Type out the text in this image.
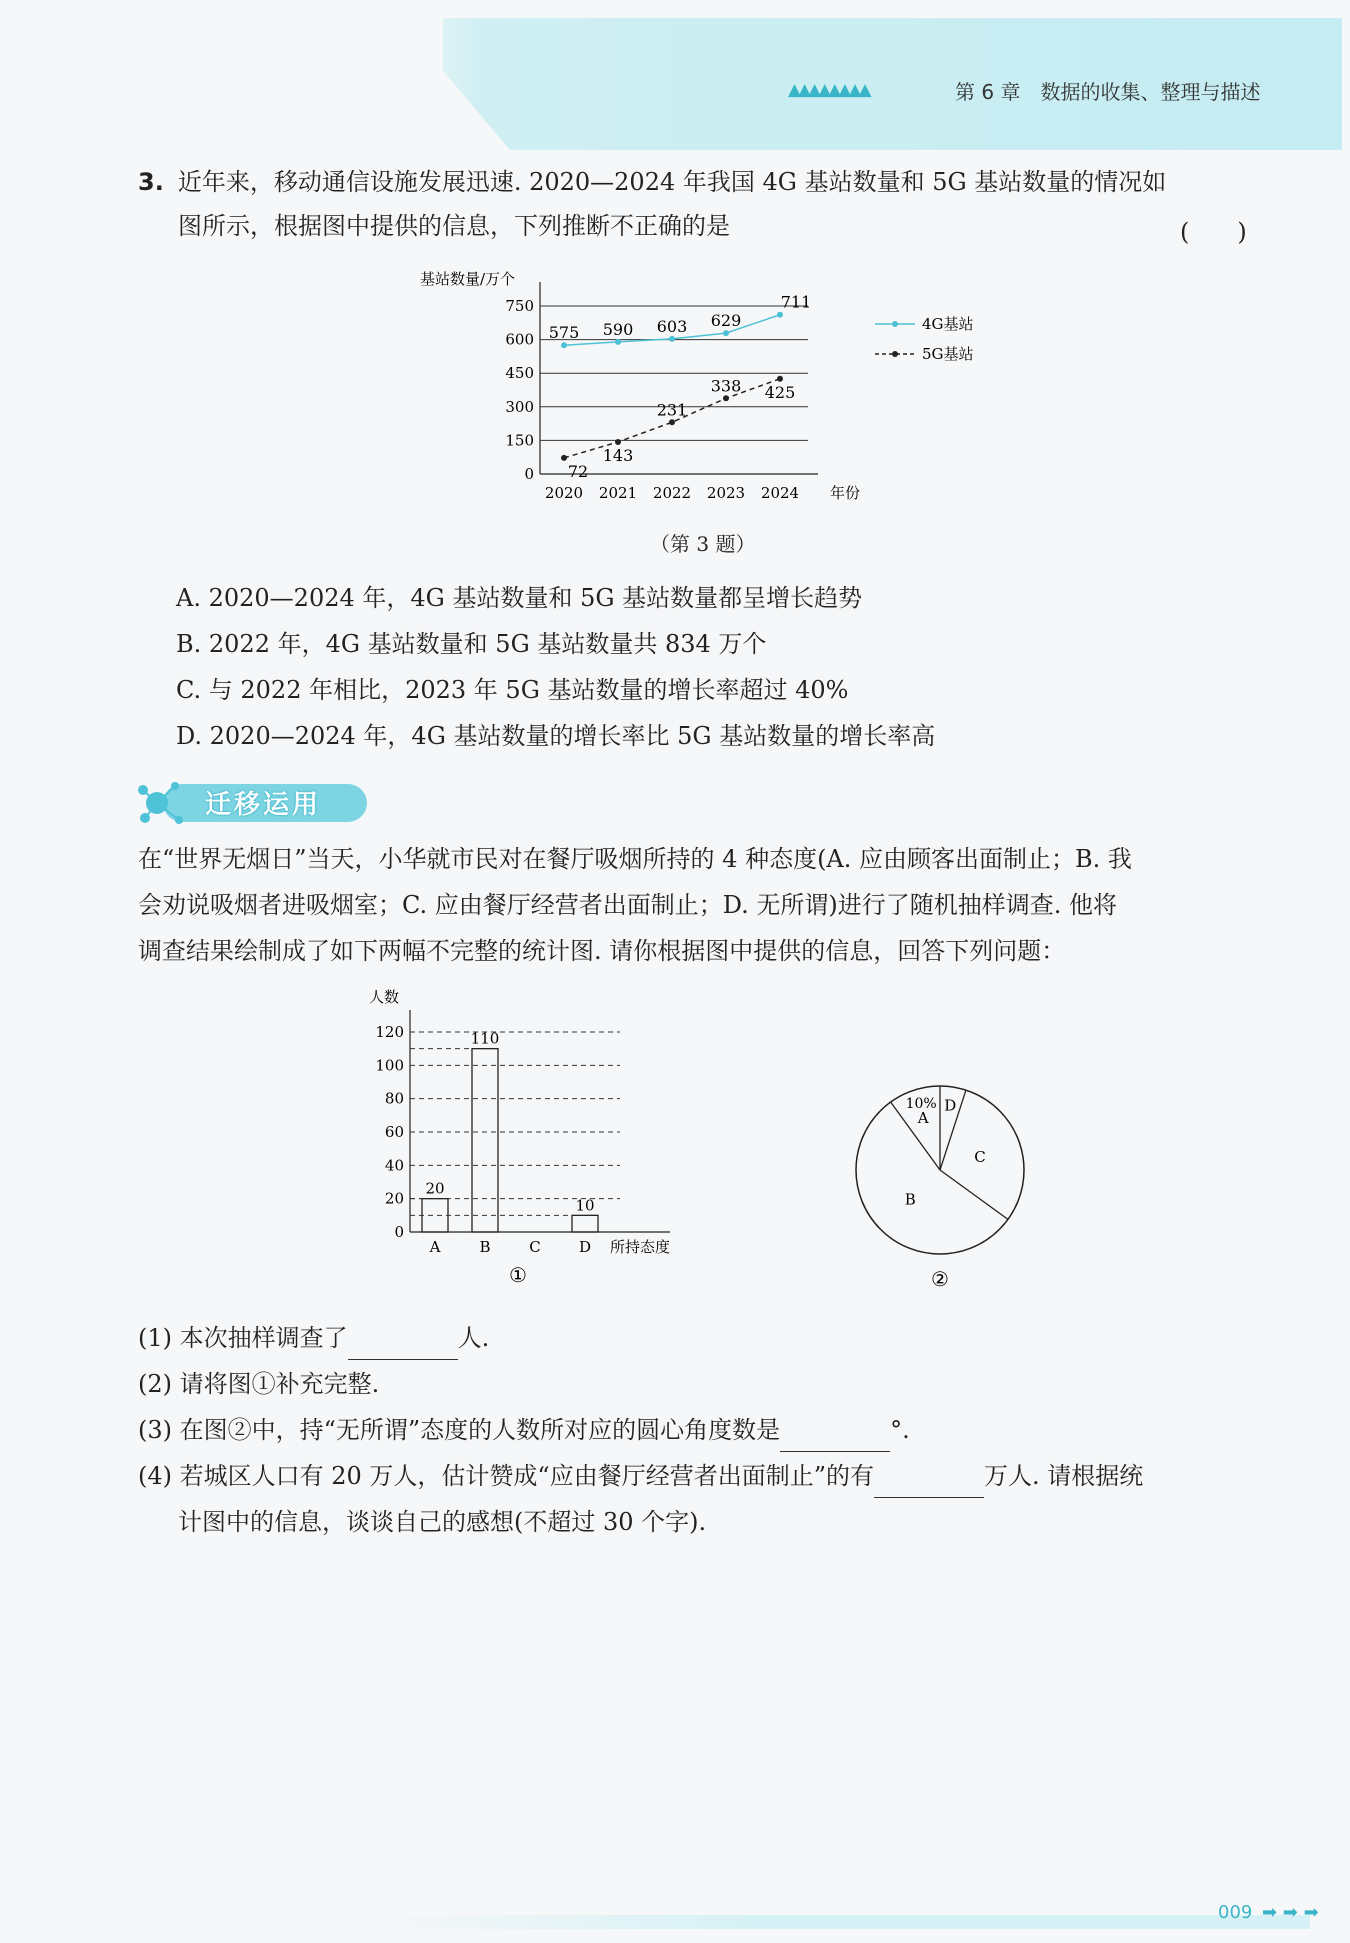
▲▲▲▲▲▲▲▲	第 6 章　数据的收集、整理与描述
3. 近年来，移动通信设施发展迅速. 2020—2024 年我国 4G 基站数量和 5G 基站数量的情况如
图所示，根据图中提供的信息，下列推断不正确的是	(　　)
基站数量/万个
0
150
300
450
600
750
2020 2021 2022 2023 2024 年份
575 590 603 629
711
4G基站
72
143
231
338 425
5G基站
（第 3 题）
A. 2020—2024 年，4G 基站数量和 5G 基站数量都呈增长趋势
B. 2022 年，4G 基站数量和 5G 基站数量共 834 万个
C. 与 2022 年相比，2023 年 5G 基站数量的增长率超过 40%
D. 2020—2024 年，4G 基站数量的增长率比 5G 基站数量的增长率高
迁移运用
在“世界无烟日”当天，小华就市民对在餐厅吸烟所持的 4 种态度(A. 应由顾客出面制止；B. 我
会劝说吸烟者进吸烟室；C. 应由餐厅经营者出面制止；D. 无所谓)进行了随机抽样调查. 他将
调查结果绘制成了如下两幅不完整的统计图. 请你根据图中提供的信息，回答下列问题：
人数
0
20
40
60
80
100
120
20
A
110
B	C
10
D 所持态度
①
A
10% D
C
B
②
(1) 本次抽样调查了	人.
(2) 请将图①补充完整.
(3) 在图②中，持“无所谓”态度的人数所对应的圆心角度数是	°.
(4) 若城区人口有 20 万人，估计赞成“应由餐厅经营者出面制止”的有	万人. 请根据统
计图中的信息，谈谈自己的感想(不超过 30 个字).
009 ➡ ➡ ➡
